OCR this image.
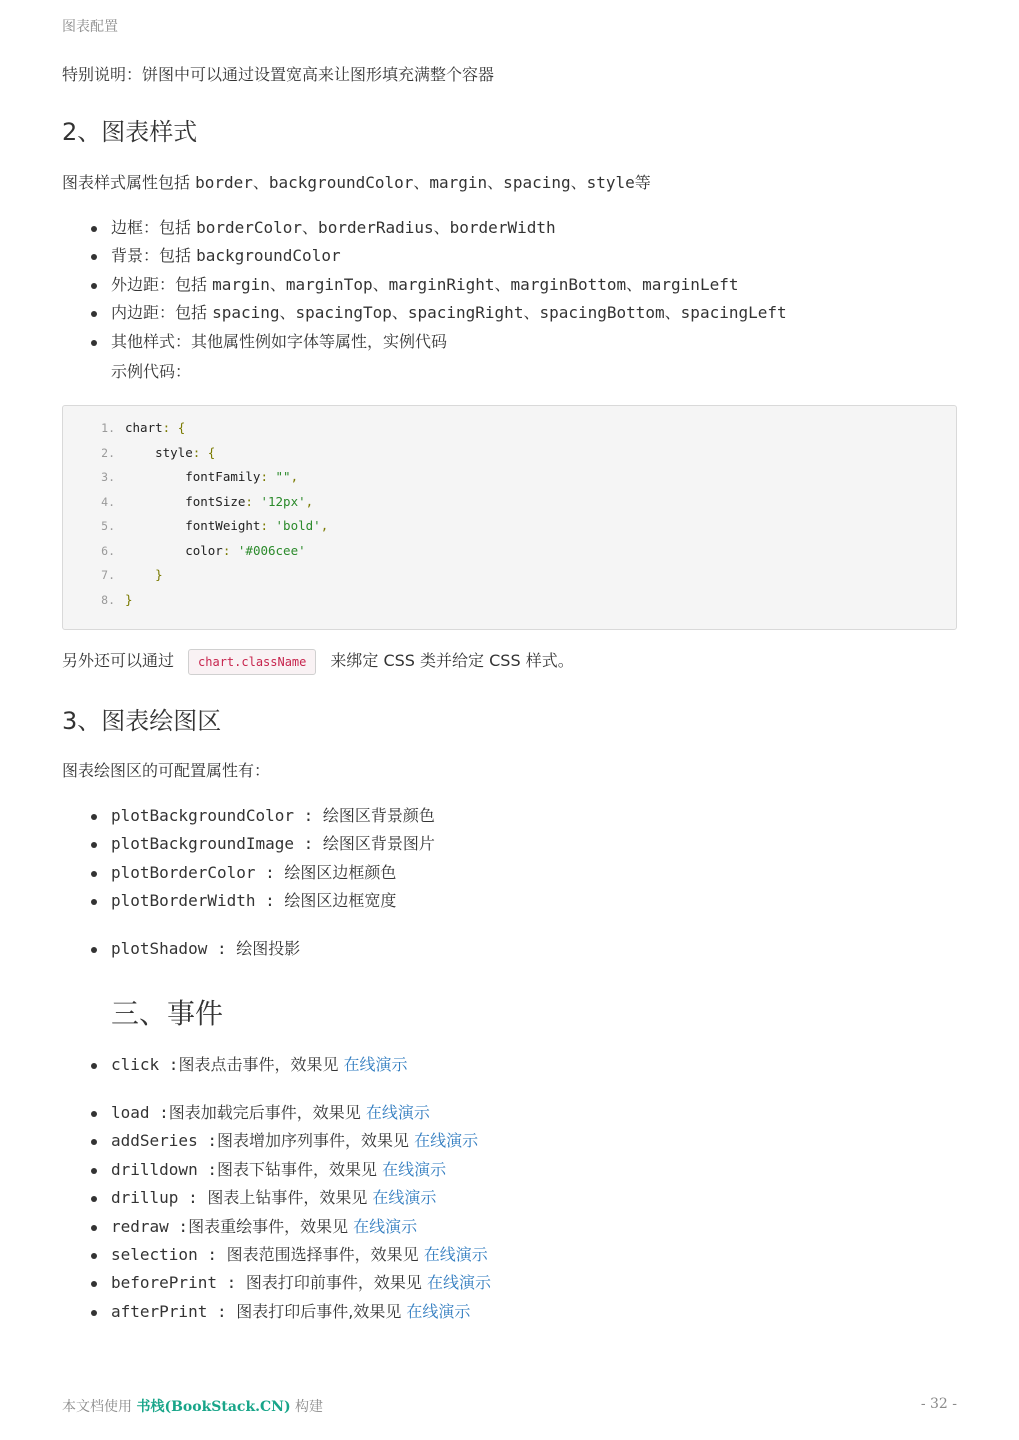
图表配置
特别说明：饼图中可以通过设置宽高来让图形填充满整个容器
2、图表样式
图表样式属性包括 border、backgroundColor、margin、spacing、style等
边框：包括 borderColor、borderRadius、borderWidth
背景：包括 backgroundColor
外边距：包括 margin、marginTop、marginRight、marginBottom、marginLeft
内边距：包括 spacing、spacingTop、spacingRight、spacingBottom、spacingLeft
其他样式：其他属性例如字体等属性，实例代码
示例代码：
1. chart: {
2. style: {
3. fontFamily: "",
4. fontSize: '12px',
5. fontWeight: 'bold',
6. color: '#006cee'
7. }
8. }
另外还可以通过 chart.className 来绑定 CSS 类并给定 CSS 样式。
3、图表绘图区
图表绘图区的可配置属性有：
plotBackgroundColor : 绘图区背景颜色
plotBackgroundImage : 绘图区背景图片
plotBorderColor : 绘图区边框颜色
plotBorderWidth : 绘图区边框宽度
plotShadow : 绘图投影
三、事件
click :图表点击事件，效果见 在线演示
load :图表加载完后事件，效果见 在线演示
addSeries :图表增加序列事件，效果见 在线演示
drilldown :图表下钻事件，效果见 在线演示
drillup : 图表上钻事件，效果见 在线演示
redraw :图表重绘事件，效果见 在线演示
selection : 图表范围选择事件，效果见 在线演示
beforePrint : 图表打印前事件，效果见 在线演示
afterPrint : 图表打印后事件,效果见 在线演示
本文档使用 书栈(BookStack.CN) 构建	- 32 -
